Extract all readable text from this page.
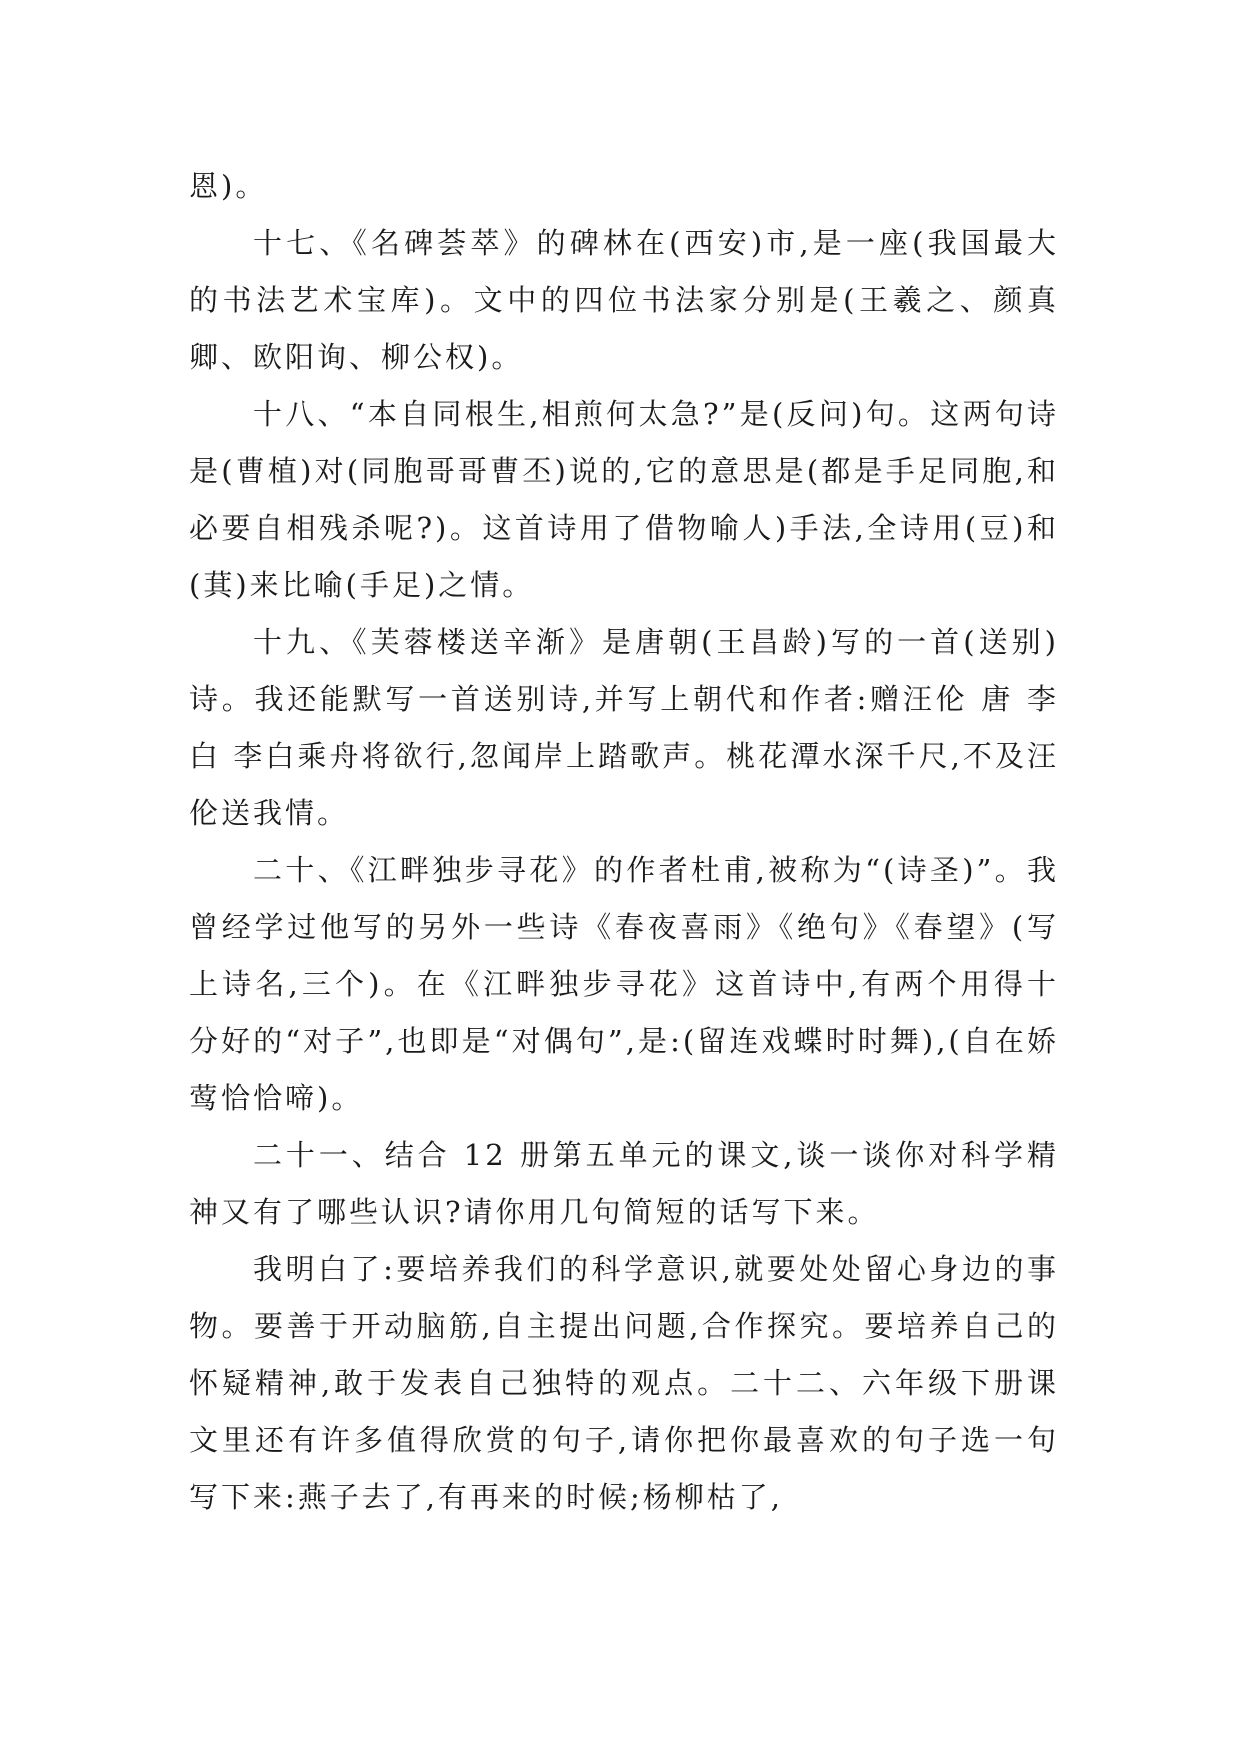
恩)。

十七、《名碑荟萃》的碑林在(西安)市,是一座(我国最大的书法艺术宝库)。文中的四位书法家分别是(王羲之、颜真卿、欧阳询、柳公权)。

十八、“本自同根生,相煎何太急?”是(反问)句。这两句诗是(曹植)对(同胞哥哥曹丕)说的,它的意思是(都是手足同胞,和必要自相残杀呢?)。这首诗用了借物喻人)手法,全诗用(豆)和(萁)来比喻(手足)之情。

十九、《芙蓉楼送辛渐》是唐朝(王昌龄)写的一首(送别)诗。我还能默写一首送别诗,并写上朝代和作者:赠汪伦 唐 李白 李白乘舟将欲行,忽闻岸上踏歌声。桃花潭水深千尺,不及汪伦送我情。

二十、《江畔独步寻花》的作者杜甫,被称为“(诗圣)”。我曾经学过他写的另外一些诗《春夜喜雨》《绝句》《春望》(写上诗名,三个)。在《江畔独步寻花》这首诗中,有两个用得十分好的“对子”,也即是“对偶句”,是:(留连戏蝶时时舞),(自在娇莺恰恰啼)。

二十一、结合 12 册第五单元的课文,谈一谈你对科学精神又有了哪些认识?请你用几句简短的话写下来。

我明白了:要培养我们的科学意识,就要处处留心身边的事物。要善于开动脑筋,自主提出问题,合作探究。要培养自己的怀疑精神,敢于发表自己独特的观点。二十二、六年级下册课文里还有许多值得欣赏的句子,请你把你最喜欢的句子选一句写下来:燕子去了,有再来的时候;杨柳枯了,
